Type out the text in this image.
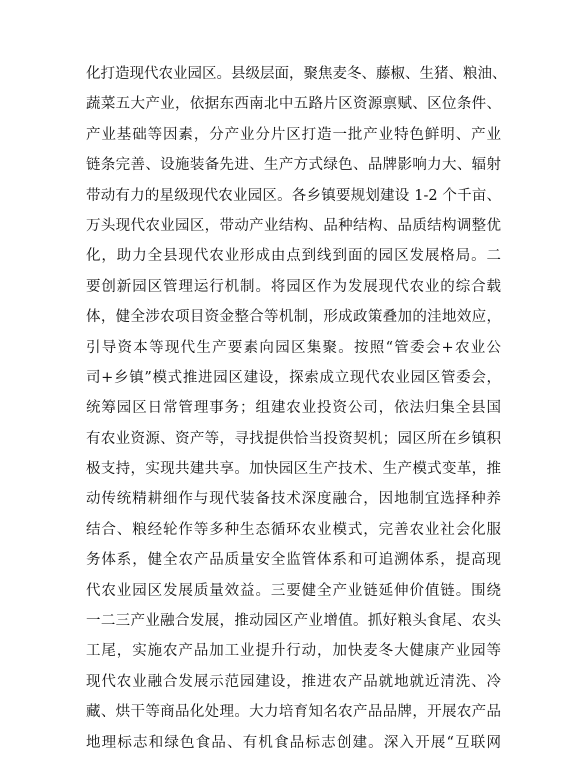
化打造现代农业园区。县级层面，聚焦麦冬、藤椒、生猪、粮油、
蔬菜五大产业，依据东西南北中五路片区资源禀赋、区位条件、
产业基础等因素，分产业分片区打造一批产业特色鲜明、产业
链条完善、设施装备先进、生产方式绿色、品牌影响力大、辐射
带动有力的星级现代农业园区。各乡镇要规划建设 1-2 个千亩、
万头现代农业园区，带动产业结构、品种结构、品质结构调整优
化，助力全县现代农业形成由点到线到面的园区发展格局。二
要创新园区管理运行机制。将园区作为发展现代农业的综合载
体，健全涉农项目资金整合等机制，形成政策叠加的洼地效应，
引导资本等现代生产要素向园区集聚。按照“管委会+农业公
司+乡镇”模式推进园区建设，探索成立现代农业园区管委会，
统筹园区日常管理事务；组建农业投资公司，依法归集全县国
有农业资源、资产等，寻找提供恰当投资契机；园区所在乡镇积
极支持，实现共建共享。加快园区生产技术、生产模式变革，推
动传统精耕细作与现代装备技术深度融合，因地制宜选择种养
结合、粮经轮作等多种生态循环农业模式，完善农业社会化服
务体系，健全农产品质量安全监管体系和可追溯体系，提高现
代农业园区发展质量效益。三要健全产业链延伸价值链。围绕
一二三产业融合发展，推动园区产业增值。抓好粮头食尾、农头
工尾，实施农产品加工业提升行动，加快麦冬大健康产业园等
现代农业融合发展示范园建设，推进农产品就地就近清洗、冷
藏、烘干等商品化处理。大力培育知名农产品品牌，开展农产品
地理标志和绿色食品、有机食品标志创建。深入开展“互联网
